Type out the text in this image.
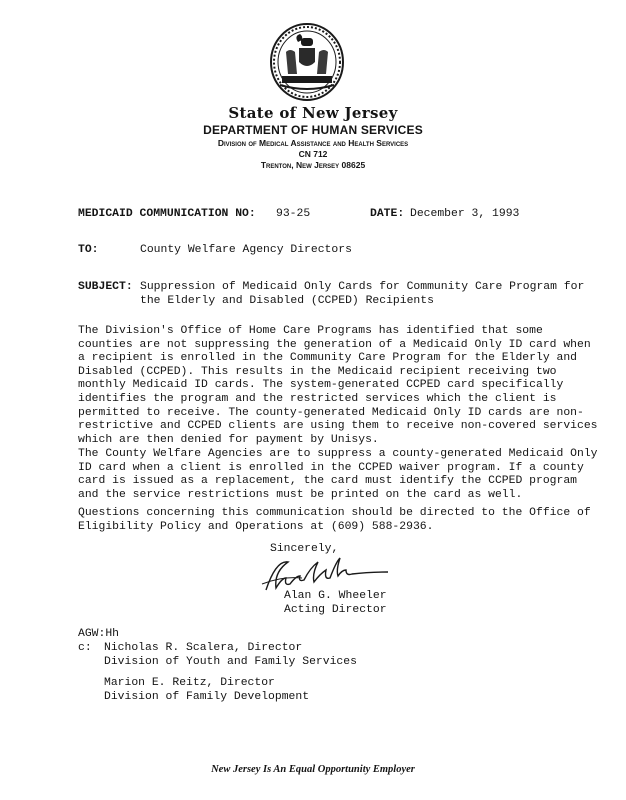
State of New Jersey
DEPARTMENT OF HUMAN SERVICES
Division of Medical Assistance and Health Services
CN 712
Trenton, New Jersey 08625
MEDICAID COMMUNICATION NO: 93-25	DATE: December 3, 1993
TO:	County Welfare Agency Directors
SUBJECT: Suppression of Medicaid Only Cards for Community Care Program for
the Elderly and Disabled (CCPED) Recipients
The Division's Office of Home Care Programs has identified that some
counties are not suppressing the generation of a Medicaid Only ID card when
a recipient is enrolled in the Community Care Program for the Elderly and
Disabled (CCPED). This results in the Medicaid recipient receiving two
monthly Medicaid ID cards. The system-generated CCPED card specifically
identifies the program and the restricted services which the client is
permitted to receive. The county-generated Medicaid Only ID cards are non-
restrictive and CCPED clients are using them to receive non-covered services
which are then denied for payment by Unisys.
The County Welfare Agencies are to suppress a county-generated Medicaid Only
ID card when a client is enrolled in the CCPED waiver program. If a county
card is issued as a replacement, the card must identify the CCPED program
and the service restrictions must be printed on the card as well.
Questions concerning this communication should be directed to the Office of
Eligibility Policy and Operations at (609) 588-2936.
Sincerely,
Alan G. Wheeler
Acting Director
AGW:Hh
c: Nicholas R. Scalera, Director
Division of Youth and Family Services
Marion E. Reitz, Director
Division of Family Development
New Jersey Is An Equal Opportunity Employer
